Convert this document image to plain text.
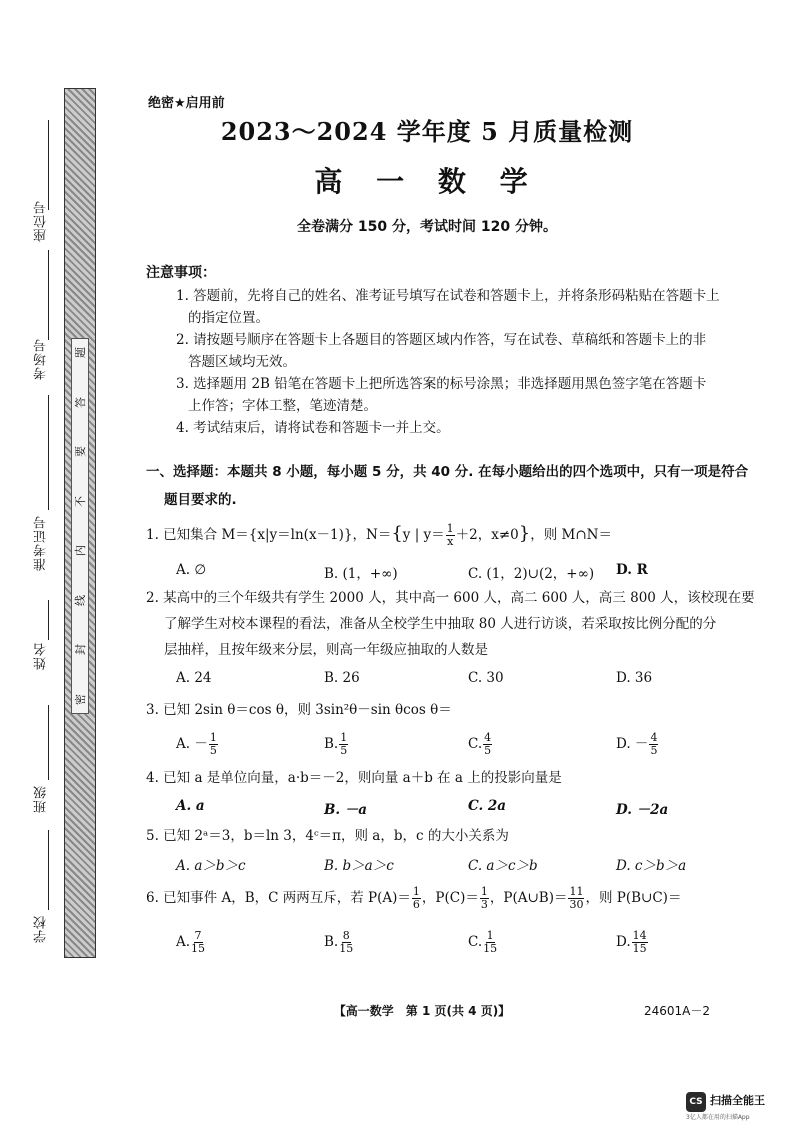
座位号
考场号
准考证号
姓名
班级
学校
题
答
要
不
内
线
封
密
绝密★启用前
2023～2024 学年度 5 月质量检测
高 一 数 学
全卷满分 150 分，考试时间 120 分钟。
注意事项：
1. 答题前，先将自己的姓名、准考证号填写在试卷和答题卡上，并将条形码粘贴在答题卡上
的指定位置。
2. 请按题号顺序在答题卡上各题目的答题区域内作答，写在试卷、草稿纸和答题卡上的非
答题区域均无效。
3. 选择题用 2B 铅笔在答题卡上把所选答案的标号涂黑；非选择题用黑色签字笔在答题卡
上作答；字体工整，笔迹清楚。
4. 考试结束后，请将试卷和答题卡一并上交。
一、选择题：本题共 8 小题，每小题 5 分，共 40 分. 在每小题给出的四个选项中，只有一项是符合
题目要求的.
1. 已知集合 M＝{x|y＝ln(x－1)}，N＝{y | $y= \frac{1}{x} +2$，x≠0}，则 M∩N＝
A. ∅	B. (1，+∞)	C. (1，2)∪(2，+∞) D. R
2. 某高中的三个年级共有学生 2000 人，其中高一 600 人，高二 600 人，高三 800 人，该校现在要
了解学生对校本课程的看法，准备从全校学生中抽取 80 人进行访谈，若采取按比例分配的分
层抽样，且按年级来分层，则高一年级应抽取的人数是
A. 24	B. 26	C. 30	D. 36
3. 已知 2sin θ＝cos θ，则 3sin²θ－sin θcos θ＝
A. － $\frac{1}{5}$	B. $\frac{1}{5}$	C. $\frac{4}{5}$	D. － $\frac{4}{5}$
4. 已知 a 是单位向量，a·b＝－2，则向量 a＋b 在 a 上的投影向量是
A. a	B. －a	C. 2a	D. －2a
5. 已知 2ᵃ＝3，b＝ln 3，4ᶜ＝π，则 a，b，c 的大小关系为
A. a＞b＞c	B. b＞a＞c	C. a＞c＞b	D. c＞b＞a
6. 已知事件 A，B，C 两两互斥，若 $P(A)= \frac{1}{6}$ ，$P(C)= \frac{1}{3}$ ，P(A∪B)＝ $\frac{11}{30}$ ，则 P(B∪C)＝
A. $\frac{7}{15}$	B. $\frac{8}{15}$	C. $\frac{1}{15}$	D. $\frac{14}{15}$
【高一数学　第 1 页(共 4 页)】	24601A－2
CS 扫描全能王
3亿人都在用的扫描App
